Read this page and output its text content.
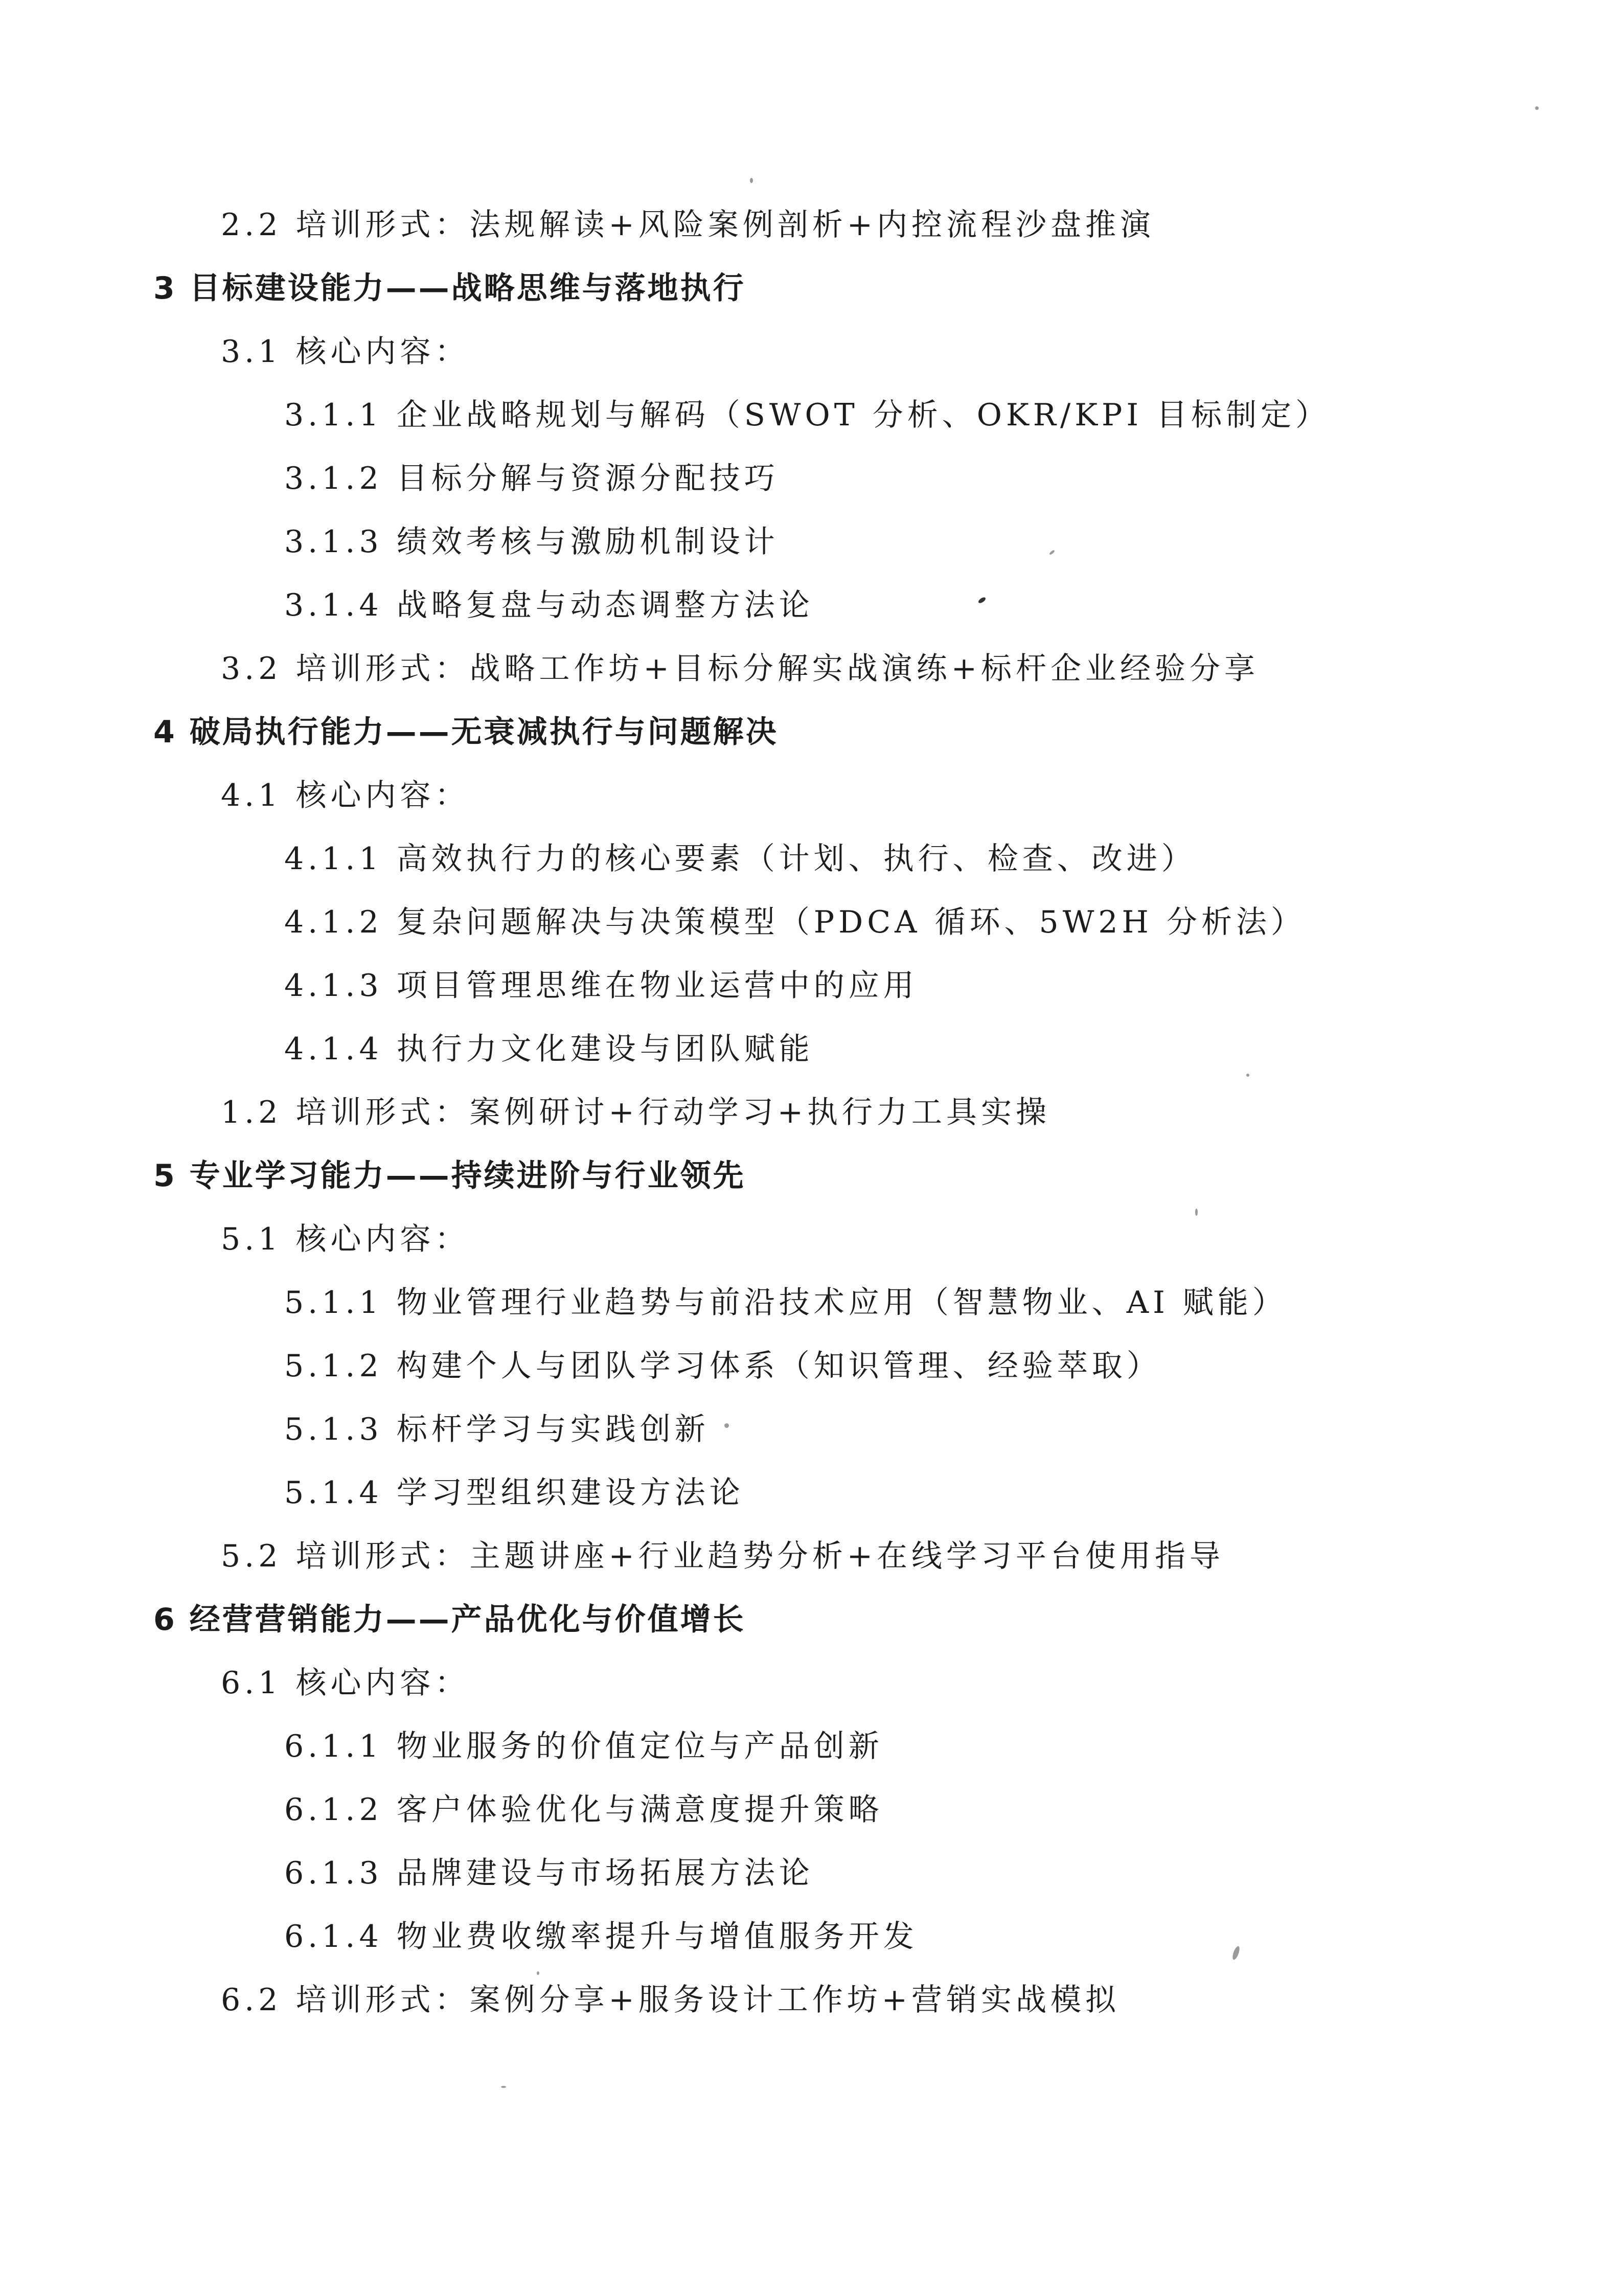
2.2 培训形式：法规解读+风险案例剖析+内控流程沙盘推演
3 目标建设能力——战略思维与落地执行
3.1 核心内容：
3.1.1 企业战略规划与解码（SWOT 分析、OKR/KPI 目标制定）
3.1.2 目标分解与资源分配技巧
3.1.3 绩效考核与激励机制设计
3.1.4 战略复盘与动态调整方法论
3.2 培训形式：战略工作坊+目标分解实战演练+标杆企业经验分享
4 破局执行能力——无衰减执行与问题解决
4.1 核心内容：
4.1.1 高效执行力的核心要素（计划、执行、检查、改进）
4.1.2 复杂问题解决与决策模型（PDCA 循环、5W2H 分析法）
4.1.3 项目管理思维在物业运营中的应用
4.1.4 执行力文化建设与团队赋能
1.2 培训形式：案例研讨+行动学习+执行力工具实操
5 专业学习能力——持续进阶与行业领先
5.1 核心内容：
5.1.1 物业管理行业趋势与前沿技术应用（智慧物业、AI 赋能）
5.1.2 构建个人与团队学习体系（知识管理、经验萃取）
5.1.3 标杆学习与实践创新
5.1.4 学习型组织建设方法论
5.2 培训形式：主题讲座+行业趋势分析+在线学习平台使用指导
6 经营营销能力——产品优化与价值增长
6.1 核心内容：
6.1.1 物业服务的价值定位与产品创新
6.1.2 客户体验优化与满意度提升策略
6.1.3 品牌建设与市场拓展方法论
6.1.4 物业费收缴率提升与增值服务开发
6.2 培训形式：案例分享+服务设计工作坊+营销实战模拟
